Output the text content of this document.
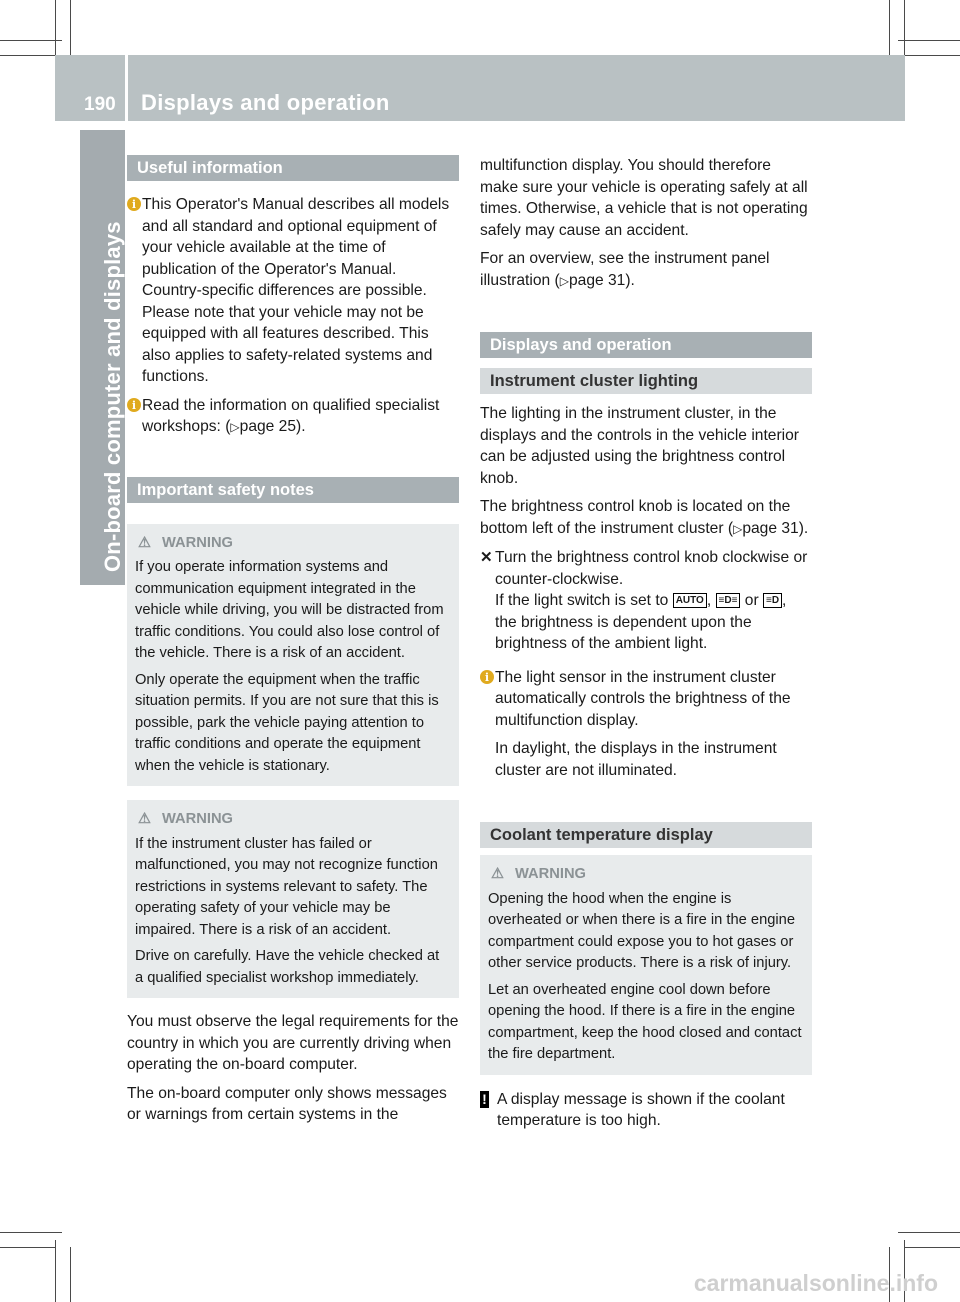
190 Displays and operation
On-board computer and displays
Useful information
i This Operator's Manual describes all models and all standard and optional equipment of your vehicle available at the time of publication of the Operator's Manual. Country-specific differences are possible. Please note that your vehicle may not be equipped with all features described. This also applies to safety-related systems and functions.

i Read the information on qualified specialist workshops: (▷page 25).

Important safety notes
⚠ WARNING

If you operate information systems and communication equipment integrated in the vehicle while driving, you will be distracted from traffic conditions. You could also lose control of the vehicle. There is a risk of an accident.

Only operate the equipment when the traffic situation permits. If you are not sure that this is possible, park the vehicle paying attention to traffic conditions and operate the equipment when the vehicle is stationary.

⚠ WARNING

If the instrument cluster has failed or malfunctioned, you may not recognize function restrictions in systems relevant to safety. The operating safety of your vehicle may be impaired. There is a risk of an accident.

Drive on carefully. Have the vehicle checked at a qualified specialist workshop immediately.

You must observe the legal requirements for the country in which you are currently driving when operating the on-board computer.

The on-board computer only shows messages or warnings from certain systems in the

multifunction display. You should therefore make sure your vehicle is operating safely at all times. Otherwise, a vehicle that is not operating safely may cause an accident.

For an overview, see the instrument panel illustration (▷page 31).

Displays and operation
Instrument cluster lighting

The lighting in the instrument cluster, in the displays and the controls in the vehicle interior can be adjusted using the brightness control knob.

The brightness control knob is located on the bottom left of the instrument cluster (▷page 31).

✕ Turn the brightness control knob clockwise or counter-clockwise.

If the light switch is set to AUTO , ≡D≡ or ≡D , the brightness is dependent upon the brightness of the ambient light.

i The light sensor in the instrument cluster automatically controls the brightness of the multifunction display.

In daylight, the displays in the instrument cluster are not illuminated.

Coolant temperature display
⚠ WARNING

Opening the hood when the engine is overheated or when there is a fire in the engine compartment could expose you to hot gases or other service products. There is a risk of injury.

Let an overheated engine cool down before opening the hood. If there is a fire in the engine compartment, keep the hood closed and contact the fire department.

! A display message is shown if the coolant temperature is too high.

carmanualsonline.info
